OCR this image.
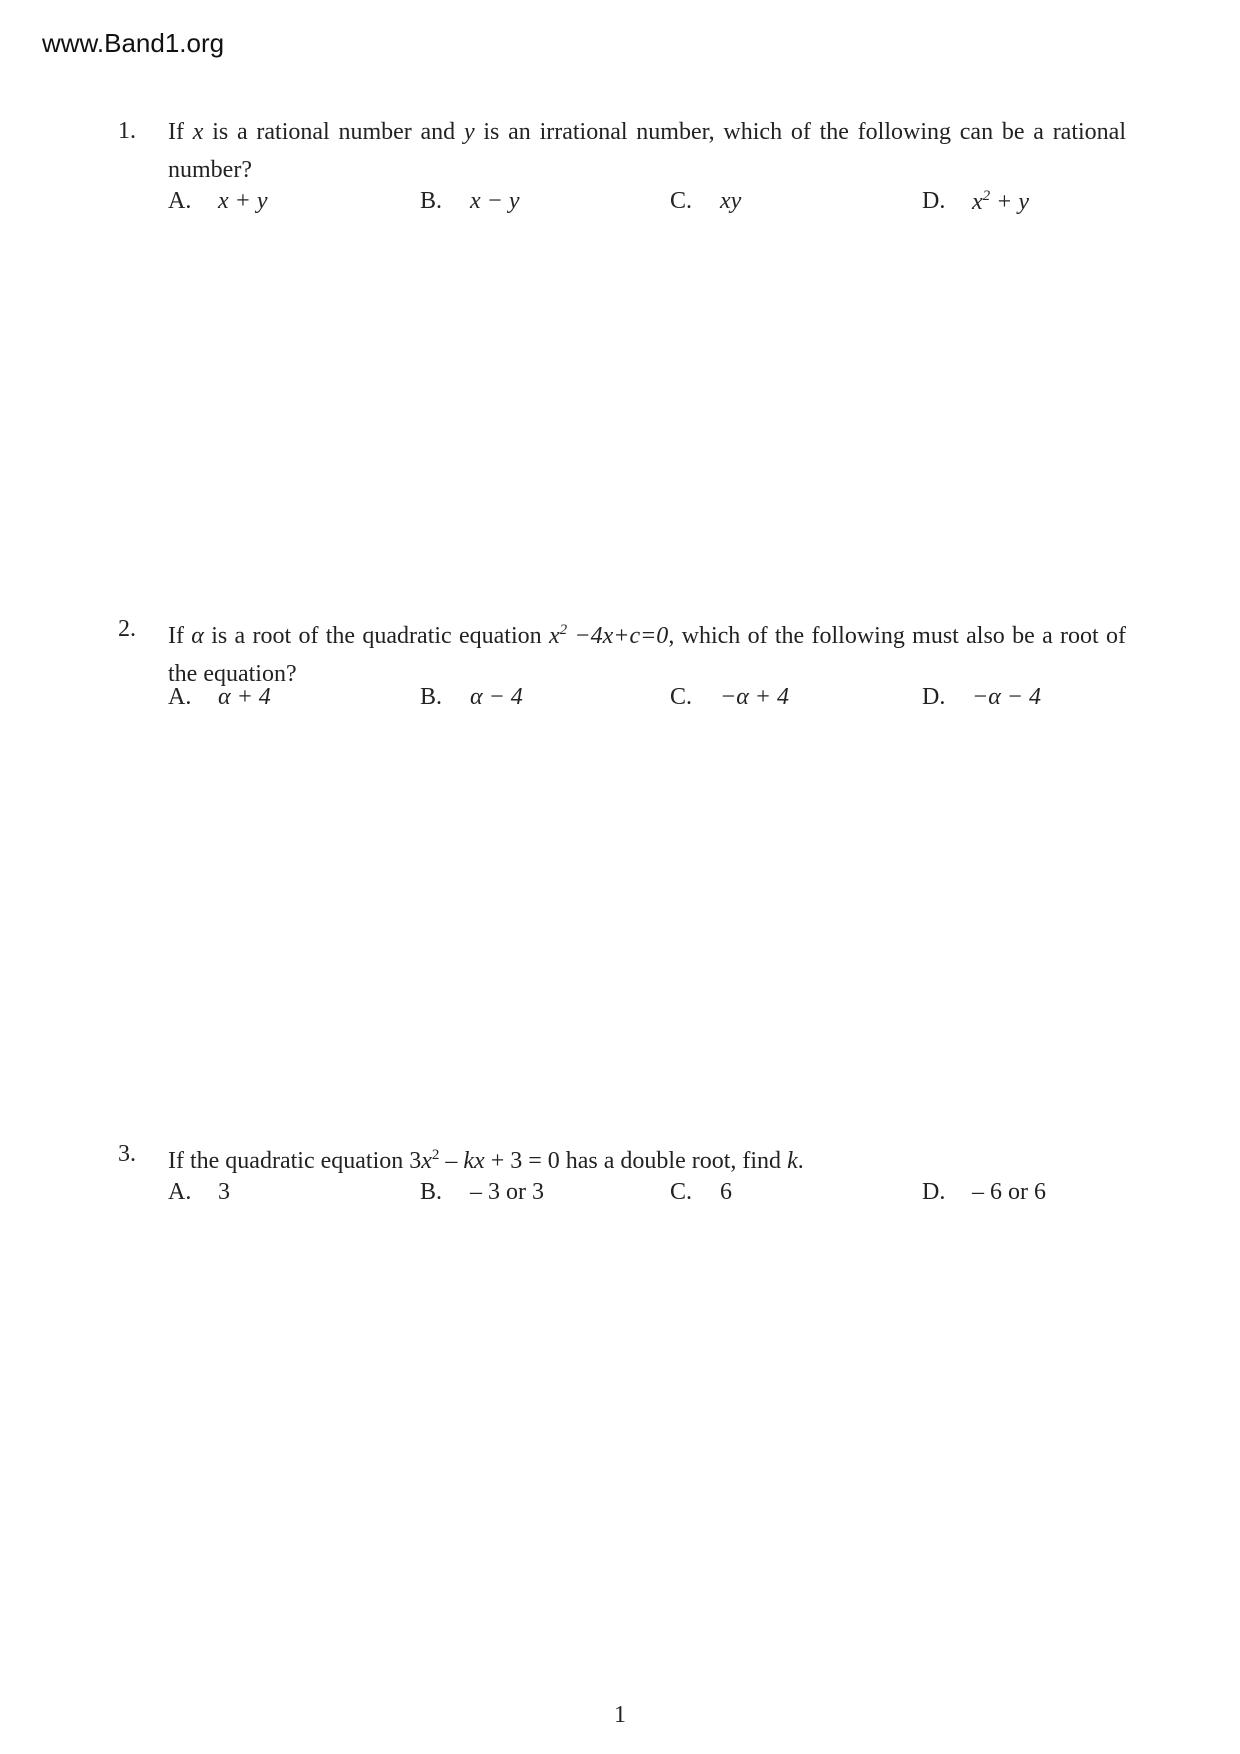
www.Band1.org
1. If x is a rational number and y is an irrational number, which of the following can be a rational number?
A. x + y	B. x − y	C. xy	D. $x^2 + y$
2. If α is a root of the quadratic equation $x^2 -4x+c=0$, which of the following must also be a root of the equation?
A. α + 4	B. α − 4	C. −α + 4	D. −α − 4
3. If the quadratic equation $3x^2$ – kx + 3 = 0 has a double root, find k.
A. 3	B. – 3 or 3	C. 6	D. – 6 or 6
1
